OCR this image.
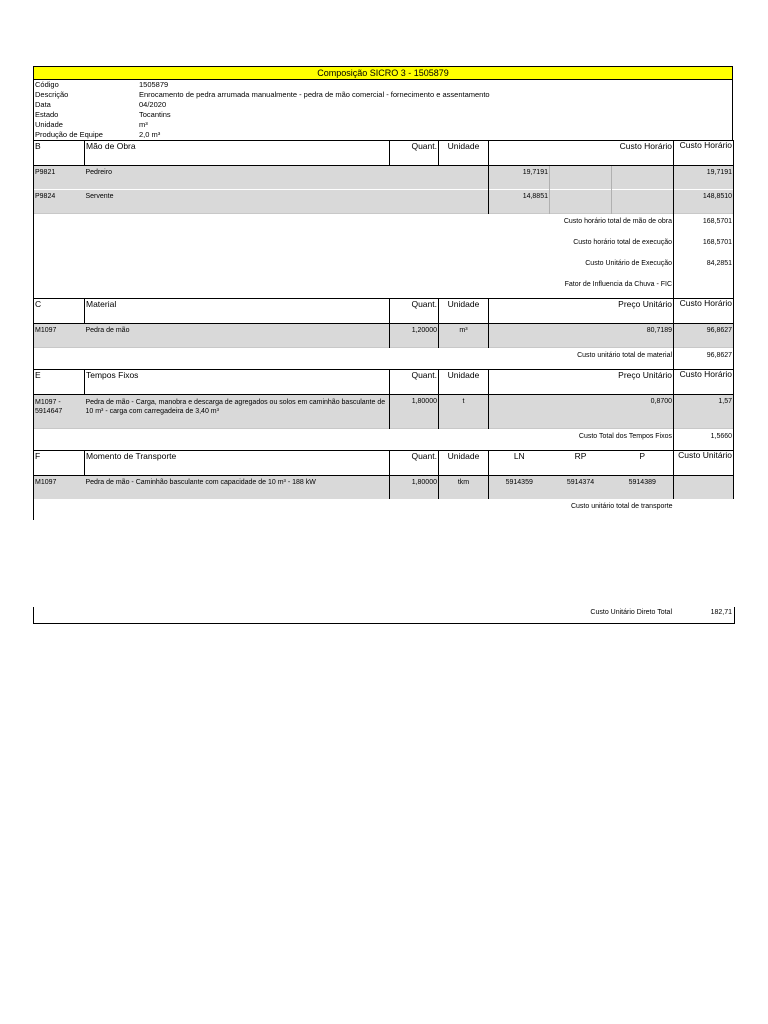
Composição SICRO 3 - 1505879
Código	1505879
Descrição	Enrocamento de pedra arrumada manualmente - pedra de mão comercial - fornecimento e assentamento
Data	04/2020
Estado	Tocantins
Unidade	m³
Produção de Equipe	2,0 m³
B	Mão de Obra	Quant.	Unidade	Custo Horário			Custo Horário
P9821	Pedreiro			19,7191			19,7191
P9824	Servente			14,8851			148,8510
Custo horário total de mão de obra							168,5701
Custo horário total de execução							168,5701
Custo Unitário de Execução							84,2851
Fator de Influencia da Chuva - FIC							
C	Material	Quant.	Unidade	Preço Unitário			Custo Horário
M1097	Pedra de mão	1,20000	m³	80,7189			96,8627
Custo unitário total de material							96,8627
E	Tempos Fixos	Quant.	Unidade	Preço Unitário			Custo Horário
M1097 - 5914647	Pedra de mão - Carga, manobra e descarga de agregados ou solos em caminhão basculante de 10 m³ - carga com carregadeira de 3,40 m³	1,80000	t	0,8700			1,57
Custo Total dos Tempos Fixos							1,5660
F	Momento de Transporte	Quant.	Unidade	LN	RP	P	Custo Unitário
M1097	Pedra de mão - Caminhão basculante com capacidade de 10 m³ - 188 kW	1,80000	tkm	5914359	5914374	5914389	
Custo unitário total de transporte							
Custo Unitário Direto Total	182,71
